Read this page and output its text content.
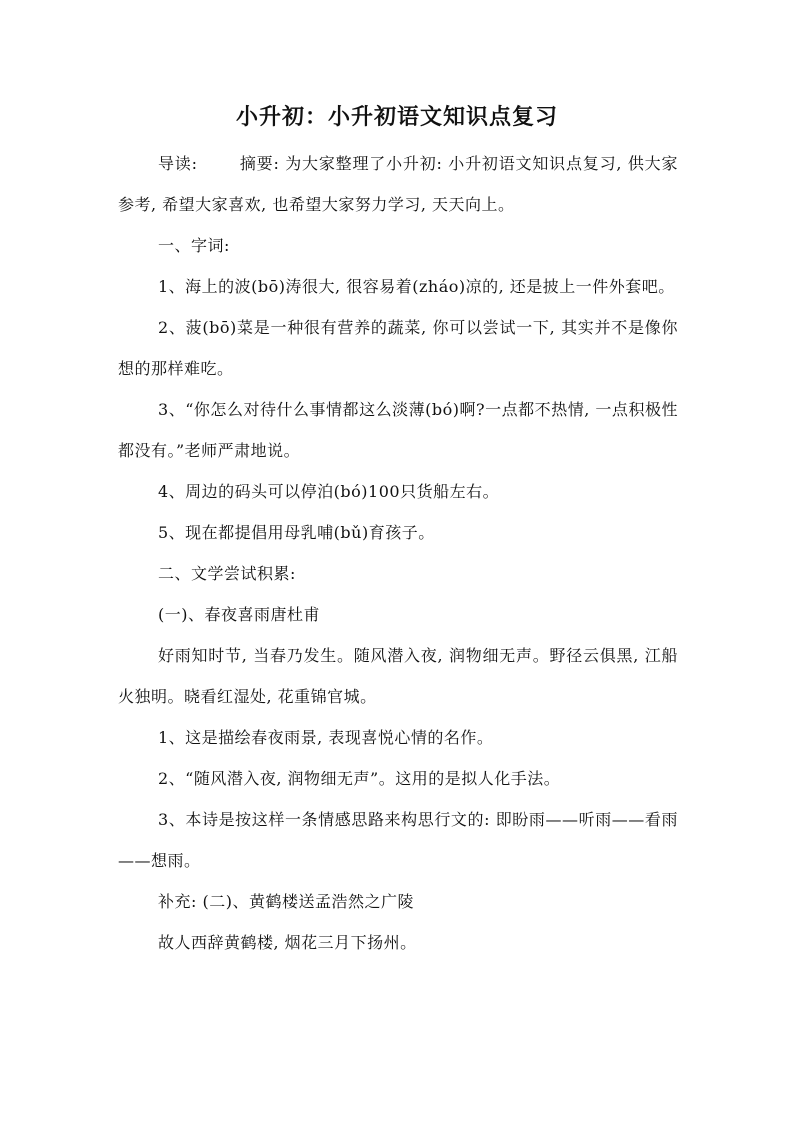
小升初：小升初语文知识点复习

导读:	摘要: 为大家整理了小升初: 小升初语文知识点复习, 供大家参考, 希望大家喜欢, 也希望大家努力学习, 天天向上。

一、字词:

1、海上的波(bō)涛很大, 很容易着(zháo)凉的, 还是披上一件外套吧。

2、菠(bō)菜是一种很有营养的蔬菜, 你可以尝试一下, 其实并不是像你想的那样难吃。

3、“你怎么对待什么事情都这么淡薄(bó)啊?一点都不热情, 一点积极性都没有。”老师严肃地说。

4、周边的码头可以停泊(bó)100只货船左右。

5、现在都提倡用母乳哺(bǔ)育孩子。

二、文学尝试积累:

(一)、春夜喜雨唐杜甫

好雨知时节, 当春乃发生。随风潜入夜, 润物细无声。野径云俱黑, 江船火独明。晓看红湿处, 花重锦官城。

1、这是描绘春夜雨景, 表现喜悦心情的名作。

2、“随风潜入夜, 润物细无声”。这用的是拟人化手法。

3、本诗是按这样一条情感思路来构思行文的: 即盼雨——听雨——看雨——想雨。

补充: (二)、黄鹤楼送孟浩然之广陵

故人西辞黄鹤楼, 烟花三月下扬州。
